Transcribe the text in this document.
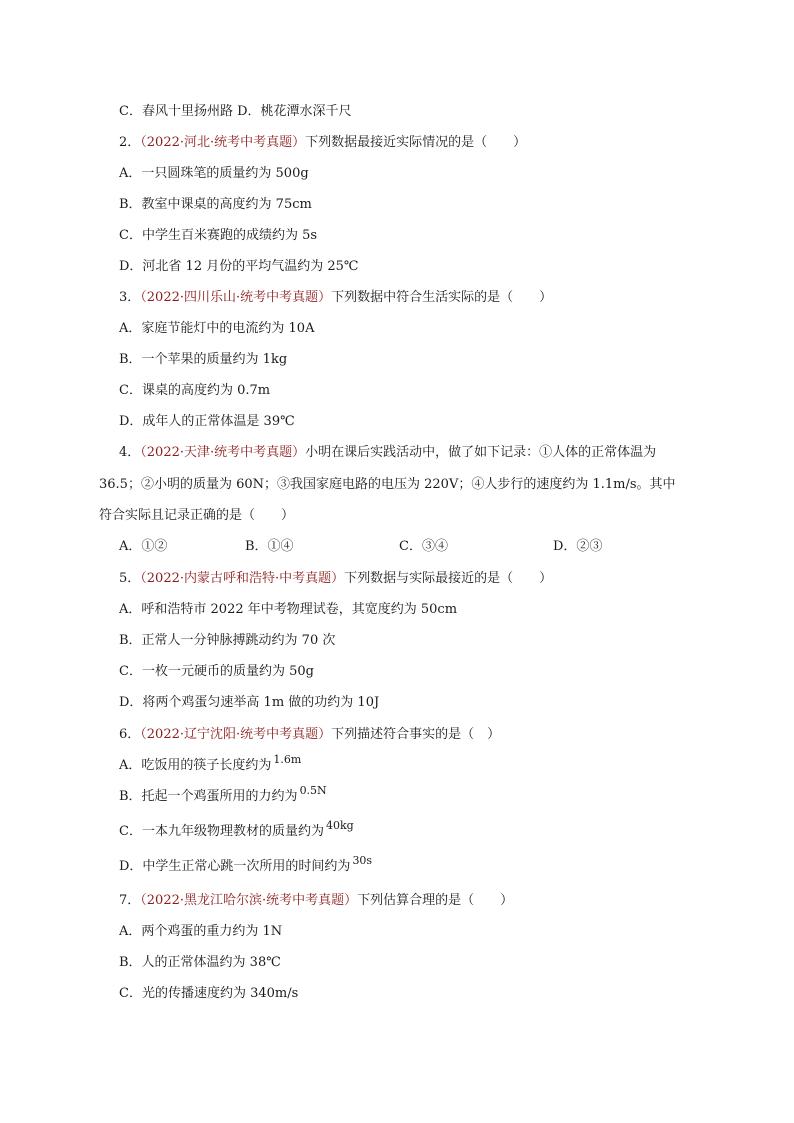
C．春风十里扬州路 D．桃花潭水深千尺
2．（2022·河北·统考中考真题）下列数据最接近实际情况的是（　　）
A．一只圆珠笔的质量约为 500g
B．教室中课桌的高度约为 75cm
C．中学生百米赛跑的成绩约为 5s
D．河北省 12 月份的平均气温约为 25℃
3．（2022·四川乐山·统考中考真题）下列数据中符合生活实际的是（　　）
A．家庭节能灯中的电流约为 10A
B．一个苹果的质量约为 1kg
C．课桌的高度约为 0.7m
D．成年人的正常体温是 39℃
4．（2022·天津·统考中考真题）小明在课后实践活动中，做了如下记录：①人体的正常体温为
36.5；②小明的质量为 60N；③我国家庭电路的电压为 220V；④人步行的速度约为 1.1m/s。其中
符合实际且记录正确的是（　　）
5．（2022·内蒙古呼和浩特·中考真题）下列数据与实际最接近的是（　　）
A．呼和浩特市 2022 年中考物理试卷，其宽度约为 50cm
B．正常人一分钟脉搏跳动约为 70 次
C．一枚一元硬币的质量约为 50g
D．将两个鸡蛋匀速举高 1m 做的功约为 10J
6．（2022·辽宁沈阳·统考中考真题）下列描述符合事实的是（　）
7．（2022·黑龙江哈尔滨·统考中考真题）下列估算合理的是（　　）
A．两个鸡蛋的重力约为 1N
B．人的正常体温约为 38℃
C．光的传播速度约为 340m/s
A．①②	B．①④	C．③④	D．②③
A．吃饭用的筷子长度约为 $^{1.6m}$
B．托起一个鸡蛋所用的力约为 $^{0.5N}$
C．一本九年级物理教材的质量约为 $^{40kg}$
D．中学生正常心跳一次所用的时间约为 $^{30s}$
